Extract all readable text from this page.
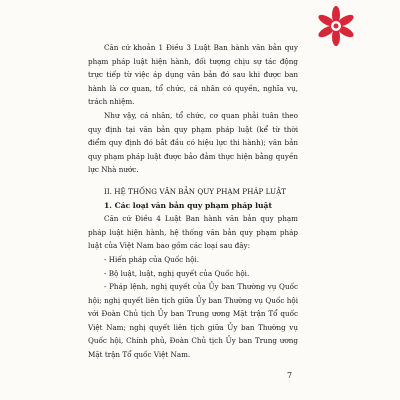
Căn cứ khoản 1 Điều 3 Luật Ban hành văn bản quy phạm pháp luật hiện hành, đối tượng chịu sự tác động trực tiếp từ việc áp dụng văn bản đó sau khi được ban hành là cơ quan, tổ chức, cá nhân có quyền, nghĩa vụ, trách nhiệm.

Như vậy, cá nhân, tổ chức, cơ quan phải tuân theo quy định tại văn bản quy phạm pháp luật (kể từ thời điểm quy định đó bắt đầu có hiệu lực thi hành); văn bản quy phạm pháp luật được bảo đảm thực hiện bằng quyền lực Nhà nước.

II. HỆ THỐNG VĂN BẢN QUY PHẠM PHÁP LUẬT

1. Các loại văn bản quy phạm pháp luật

Căn cứ Điều 4 Luật Ban hành văn bản quy phạm pháp luật hiện hành, hệ thống văn bản quy phạm pháp luật của Việt Nam bao gồm các loại sau đây:

- Hiến pháp của Quốc hội.

- Bộ luật, luật, nghị quyết của Quốc hội.

- Pháp lệnh, nghị quyết của Ủy ban Thường vụ Quốc hội; nghị quyết liên tịch giữa Ủy ban Thường vụ Quốc hội với Đoàn Chủ tịch Ủy ban Trung ương Mặt trận Tổ quốc Việt Nam; nghị quyết liên tịch giữa Ủy ban Thường vụ Quốc hội, Chính phủ, Đoàn Chủ tịch Ủy ban Trung ương Mặt trận Tổ quốc Việt Nam.

7
